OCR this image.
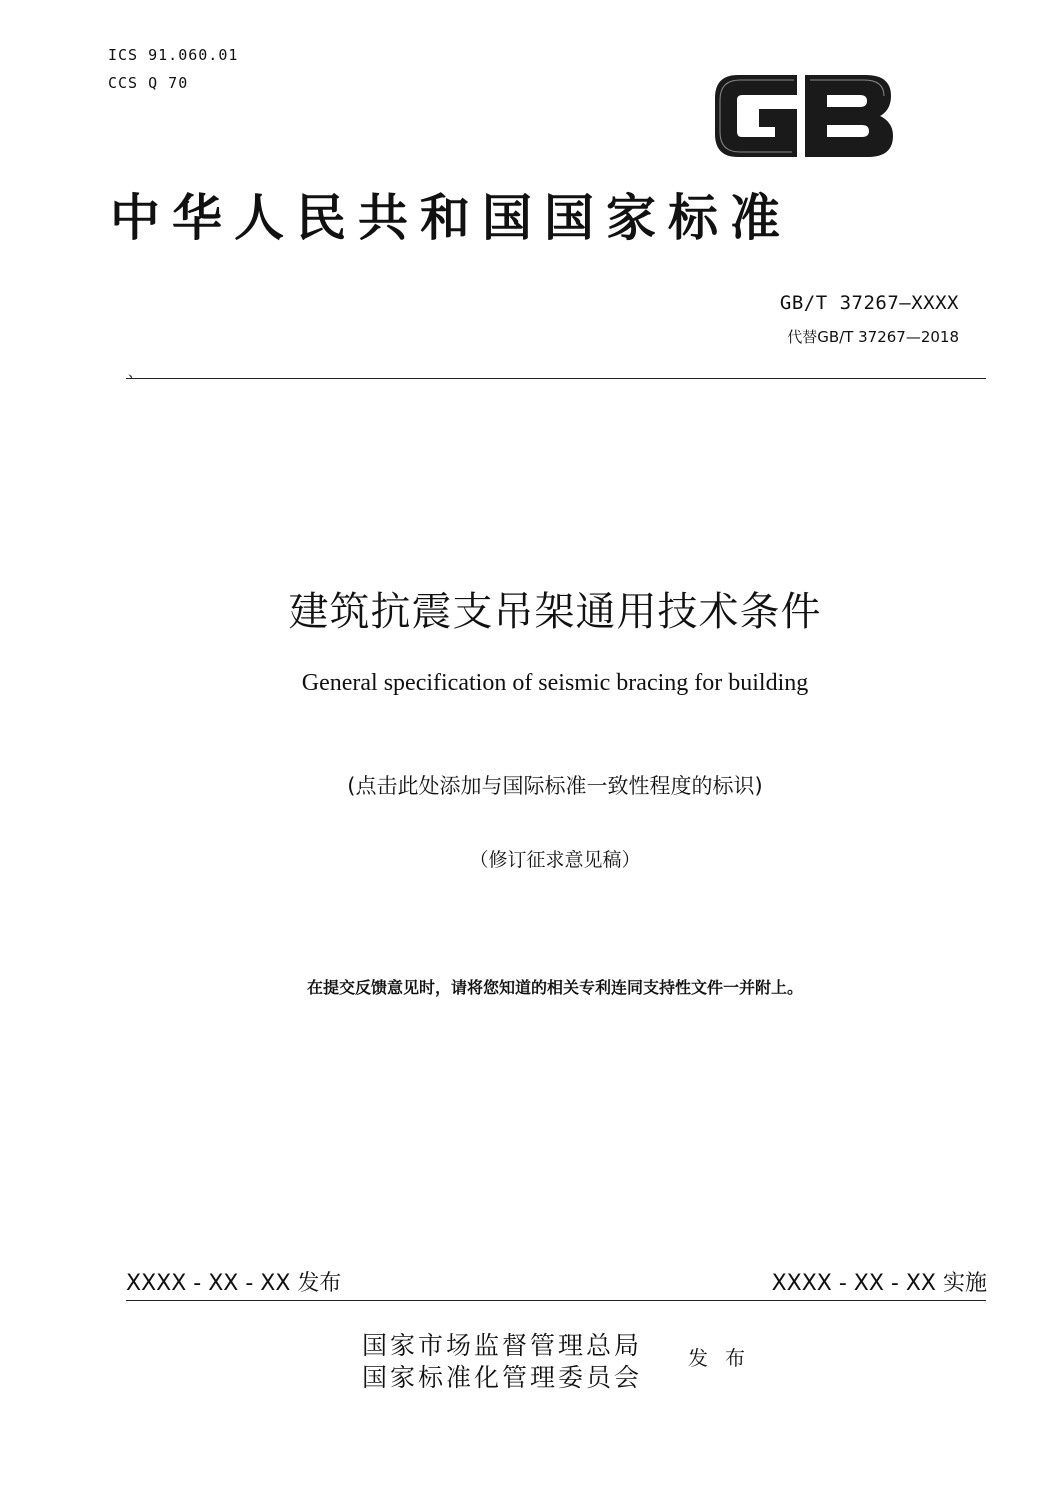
ICS 91.060.01
CCS Q 70
中华人民共和国国家标准
GB/T 37267—XXXX
代替GB/T 37267—2018
、
建筑抗震支吊架通用技术条件
General specification of seismic bracing for building
(点击此处添加与国际标准一致性程度的标识)
（修订征求意见稿）
在提交反馈意见时，请将您知道的相关专利连同支持性文件一并附上。
XXXX - XX - XX 发布	XXXX - XX - XX 实施
国家市场监督管理总局
国家标准化管理委员会
发 布
